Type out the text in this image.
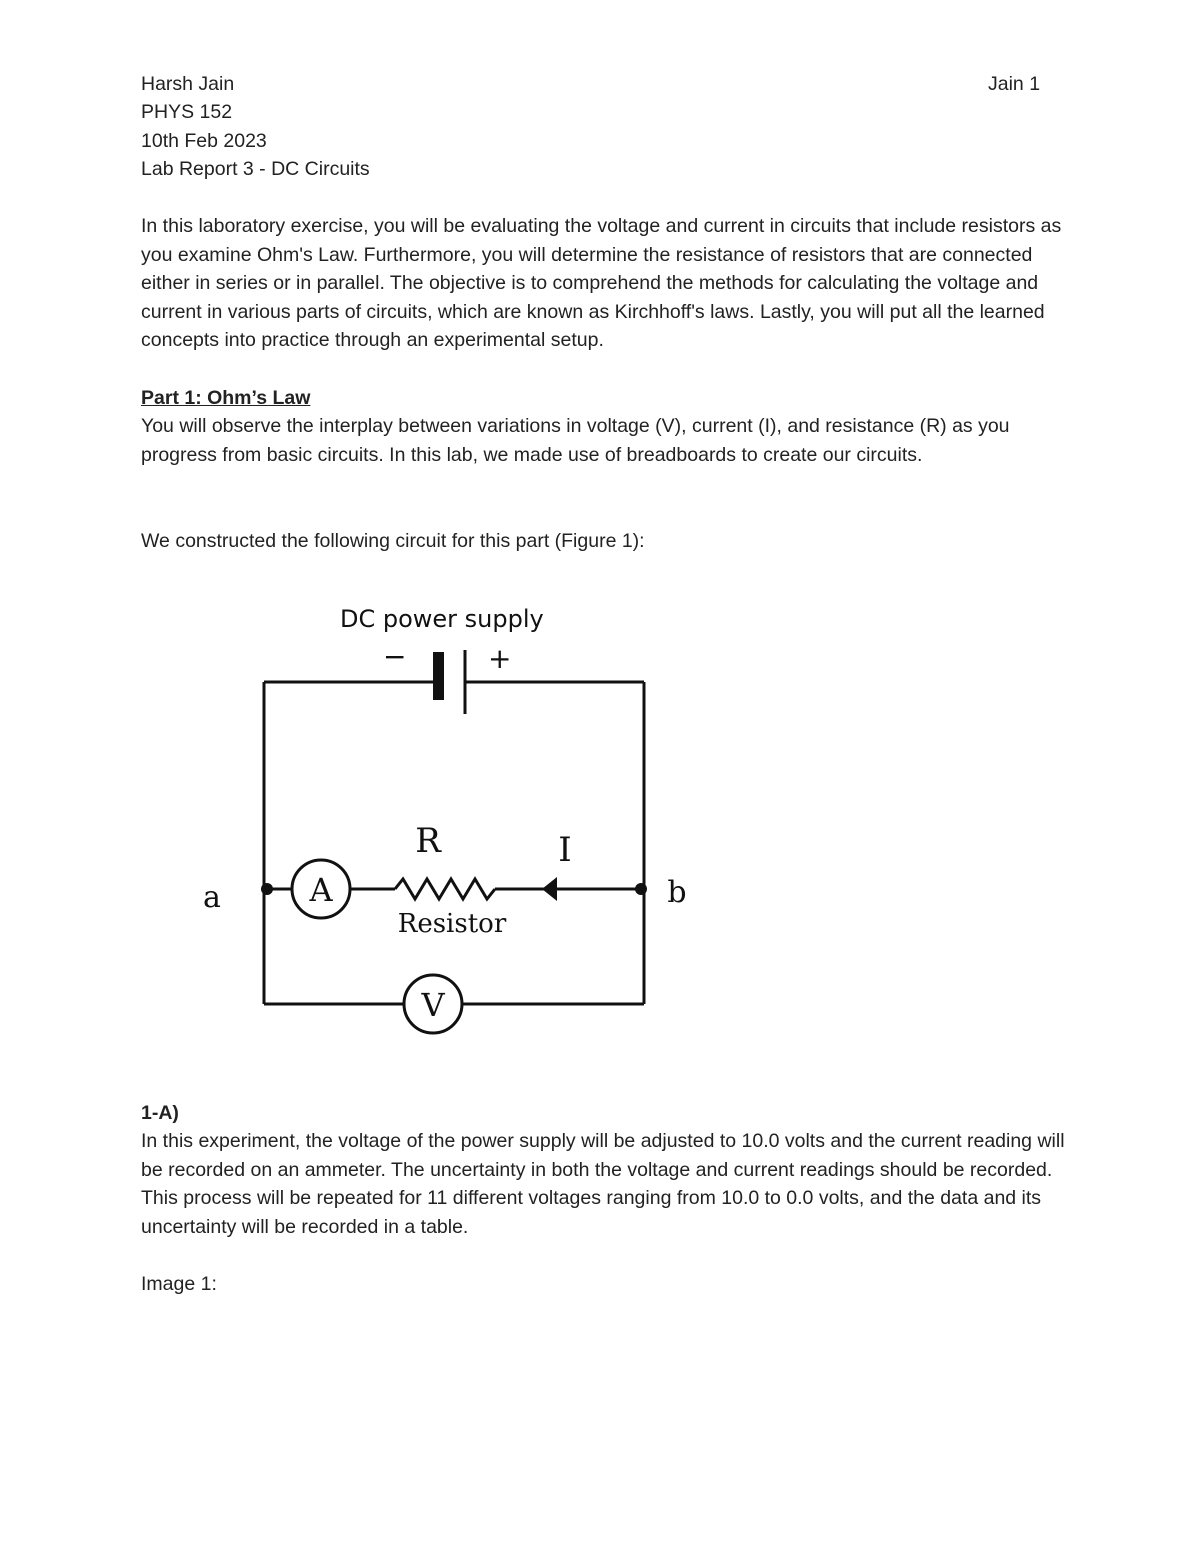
Harsh Jain	Jain 1
PHYS 152
10th Feb 2023
Lab Report 3 - DC Circuits
In this laboratory exercise, you will be evaluating the voltage and current in circuits that include resistors as you examine Ohm's Law. Furthermore, you will determine the resistance of resistors that are connected either in series or in parallel. The objective is to comprehend the methods for calculating the voltage and current in various parts of circuits, which are known as Kirchhoff's laws. Lastly, you will put all the learned concepts into practice through an experimental setup.
Part 1: Ohm’s Law
You will observe the interplay between variations in voltage (V), current (I), and resistance (R) as you progress from basic circuits. In this lab, we made use of breadboards to create our circuits.
We constructed the following circuit for this part (Figure 1):
DC power supply
−	+
V
A
R	I
Resistor
a	b
1-A)
In this experiment, the voltage of the power supply will be adjusted to 10.0 volts and the current reading will be recorded on an ammeter. The uncertainty in both the voltage and current readings should be recorded. This process will be repeated for 11 different voltages ranging from 10.0 to 0.0 volts, and the data and its uncertainty will be recorded in a table.
Image 1:
